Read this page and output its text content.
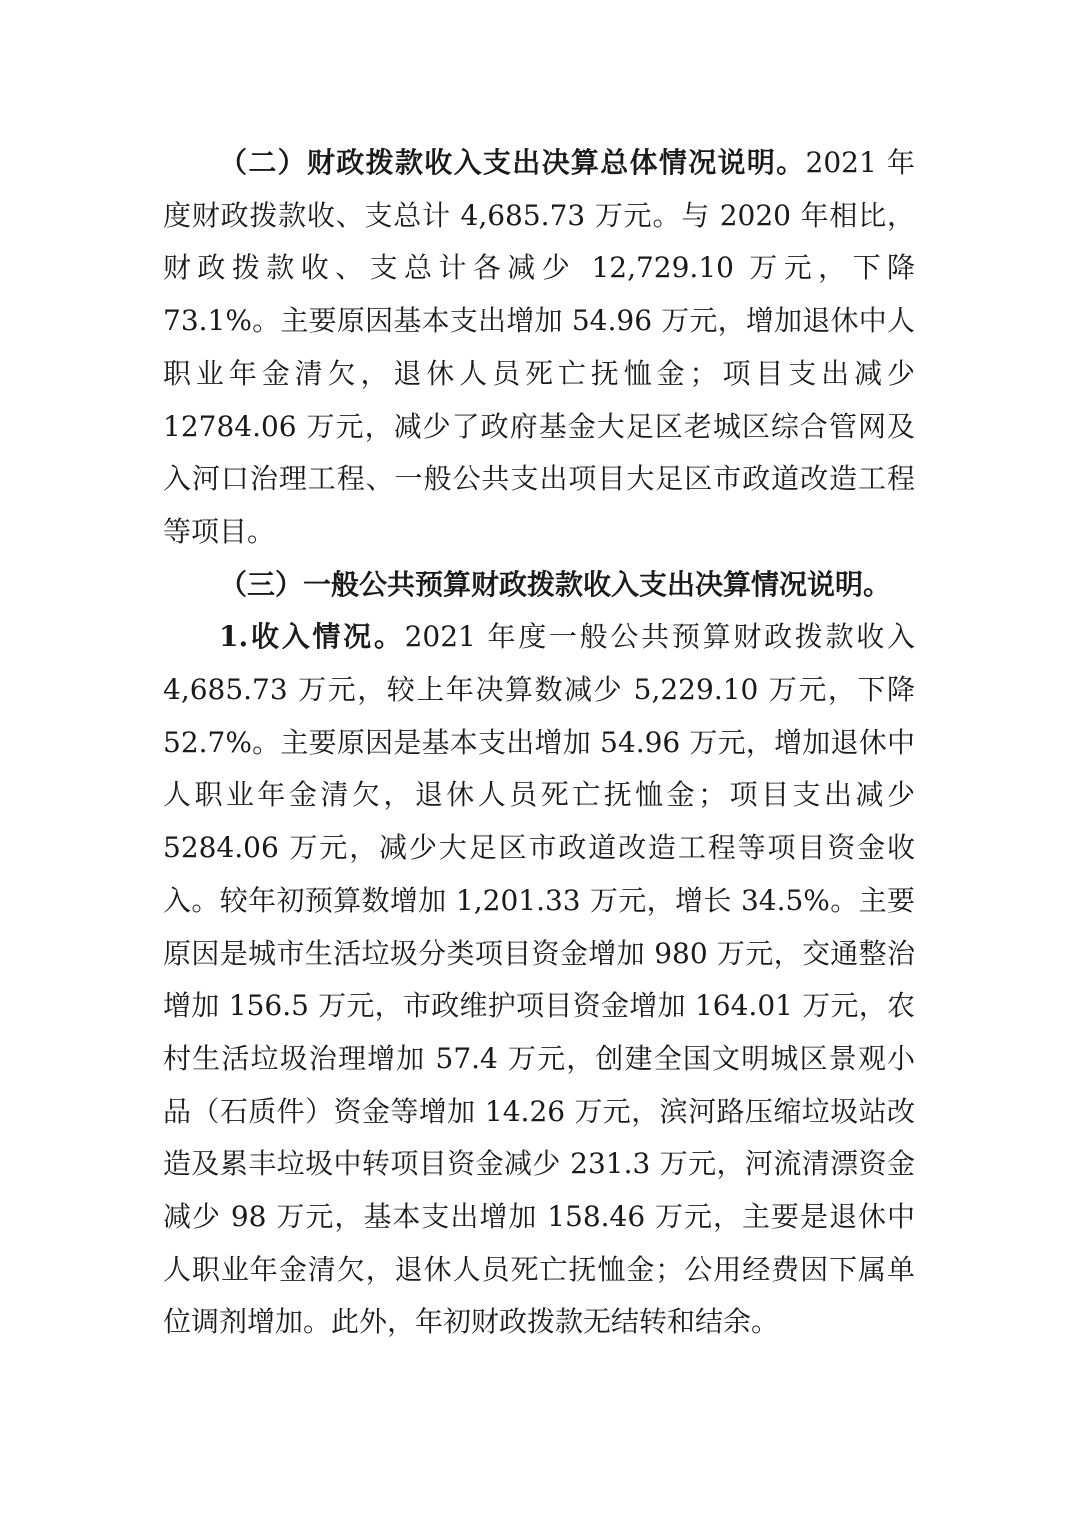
（二）财政拨款收入支出决算总体情况说明。2021 年度财政拨款收、支总计 4,685.73 万元。与 2020 年相比，财政拨款收、支总计各减少 12,729.10 万元，下降 73.1%。主要原因基本支出增加 54.96 万元，增加退休中人职业年金清欠，退休人员死亡抚恤金；项目支出减少 12784.06 万元，减少了政府基金大足区老城区综合管网及入河口治理工程、一般公共支出项目大足区市政道改造工程等项目。

（三）一般公共预算财政拨款收入支出决算情况说明。

1.收入情况。2021 年度一般公共预算财政拨款收入 4,685.73 万元，较上年决算数减少 5,229.10 万元，下降 52.7%。主要原因是基本支出增加 54.96 万元，增加退休中人职业年金清欠，退休人员死亡抚恤金；项目支出减少 5284.06 万元，减少大足区市政道改造工程等项目资金收入。较年初预算数增加 1,201.33 万元，增长 34.5%。主要原因是城市生活垃圾分类项目资金增加 980 万元，交通整治增加 156.5 万元，市政维护项目资金增加 164.01 万元，农村生活垃圾治理增加 57.4 万元，创建全国文明城区景观小品（石质件）资金等增加 14.26 万元，滨河路压缩垃圾站改造及累丰垃圾中转项目资金减少 231.3 万元，河流清漂资金减少 98 万元，基本支出增加 158.46 万元，主要是退休中人职业年金清欠，退休人员死亡抚恤金；公用经费因下属单位调剂增加。此外，年初财政拨款无结转和结余。
